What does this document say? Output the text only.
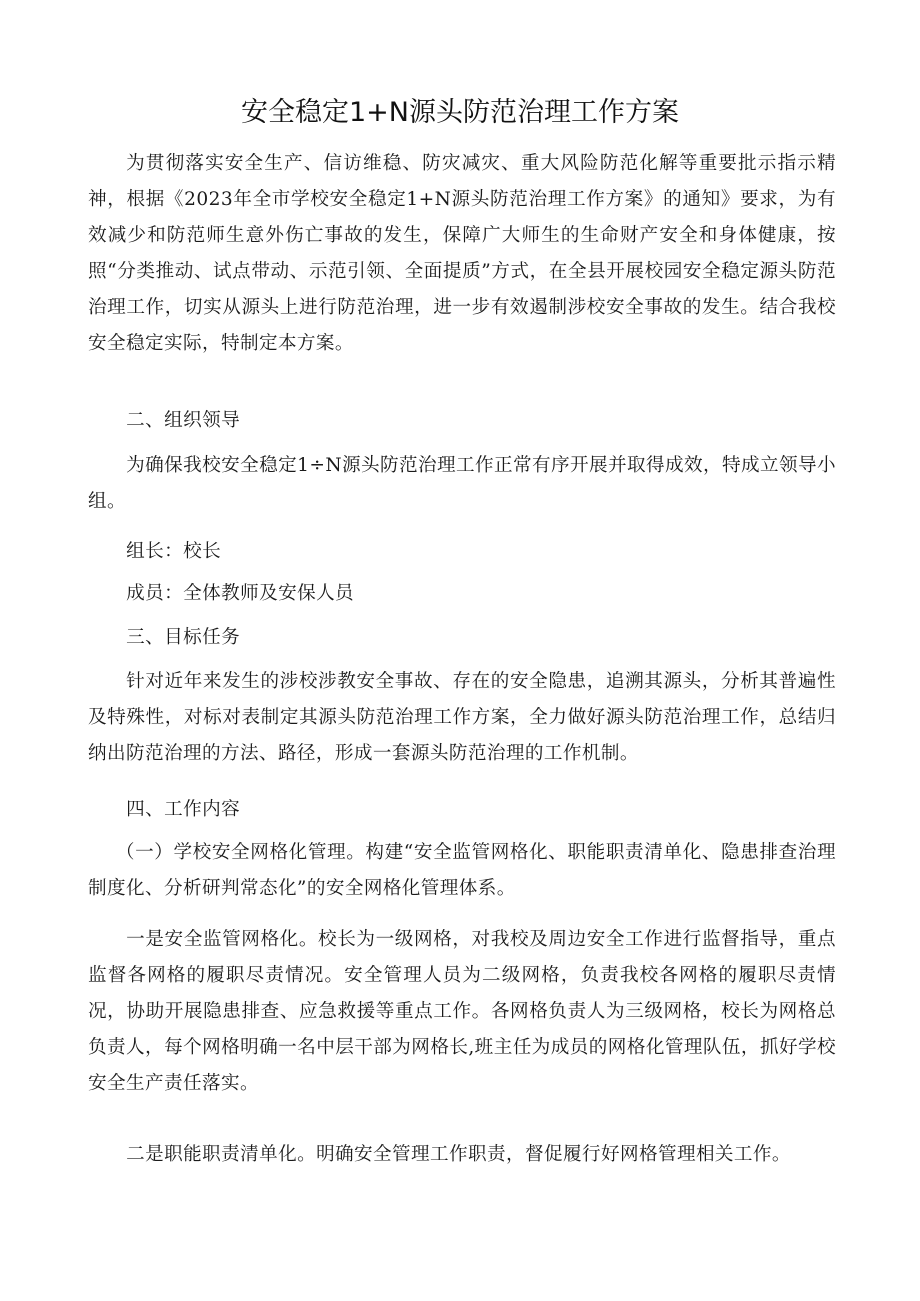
安全稳定1+N源头防范治理工作方案

为贯彻落实安全生产、信访维稳、防灾减灾、重大风险防范化解等重要批示指示精神，根据《2023年全市学校安全稳定1+N源头防范治理工作方案》的通知》要求，为有效减少和防范师生意外伤亡事故的发生，保障广大师生的生命财产安全和身体健康，按照“分类推动、试点带动、示范引领、全面提质”方式，在全县开展校园安全稳定源头防范治理工作，切实从源头上进行防范治理，进一步有效遏制涉校安全事故的发生。结合我校安全稳定实际，特制定本方案。

二、组织领导

为确保我校安全稳定1÷N源头防范治理工作正常有序开展并取得成效，特成立领导小组。

组长：校长

成员：全体教师及安保人员

三、目标任务

针对近年来发生的涉校涉教安全事故、存在的安全隐患，追溯其源头，分析其普遍性及特殊性，对标对表制定其源头防范治理工作方案，全力做好源头防范治理工作，总结归纳出防范治理的方法、路径，形成一套源头防范治理的工作机制。

四、工作内容

（一）学校安全网格化管理。构建“安全监管网格化、职能职责清单化、隐患排查治理制度化、分析研判常态化”的安全网格化管理体系。

一是安全监管网格化。校长为一级网格，对我校及周边安全工作进行监督指导，重点监督各网格的履职尽责情况。安全管理人员为二级网格，负责我校各网格的履职尽责情况，协助开展隐患排查、应急救援等重点工作。各网格负责人为三级网格，校长为网格总负责人，每个网格明确一名中层干部为网格长,班主任为成员的网格化管理队伍，抓好学校安全生产责任落实。

二是职能职责清单化。明确安全管理工作职责，督促履行好网格管理相关工作。
